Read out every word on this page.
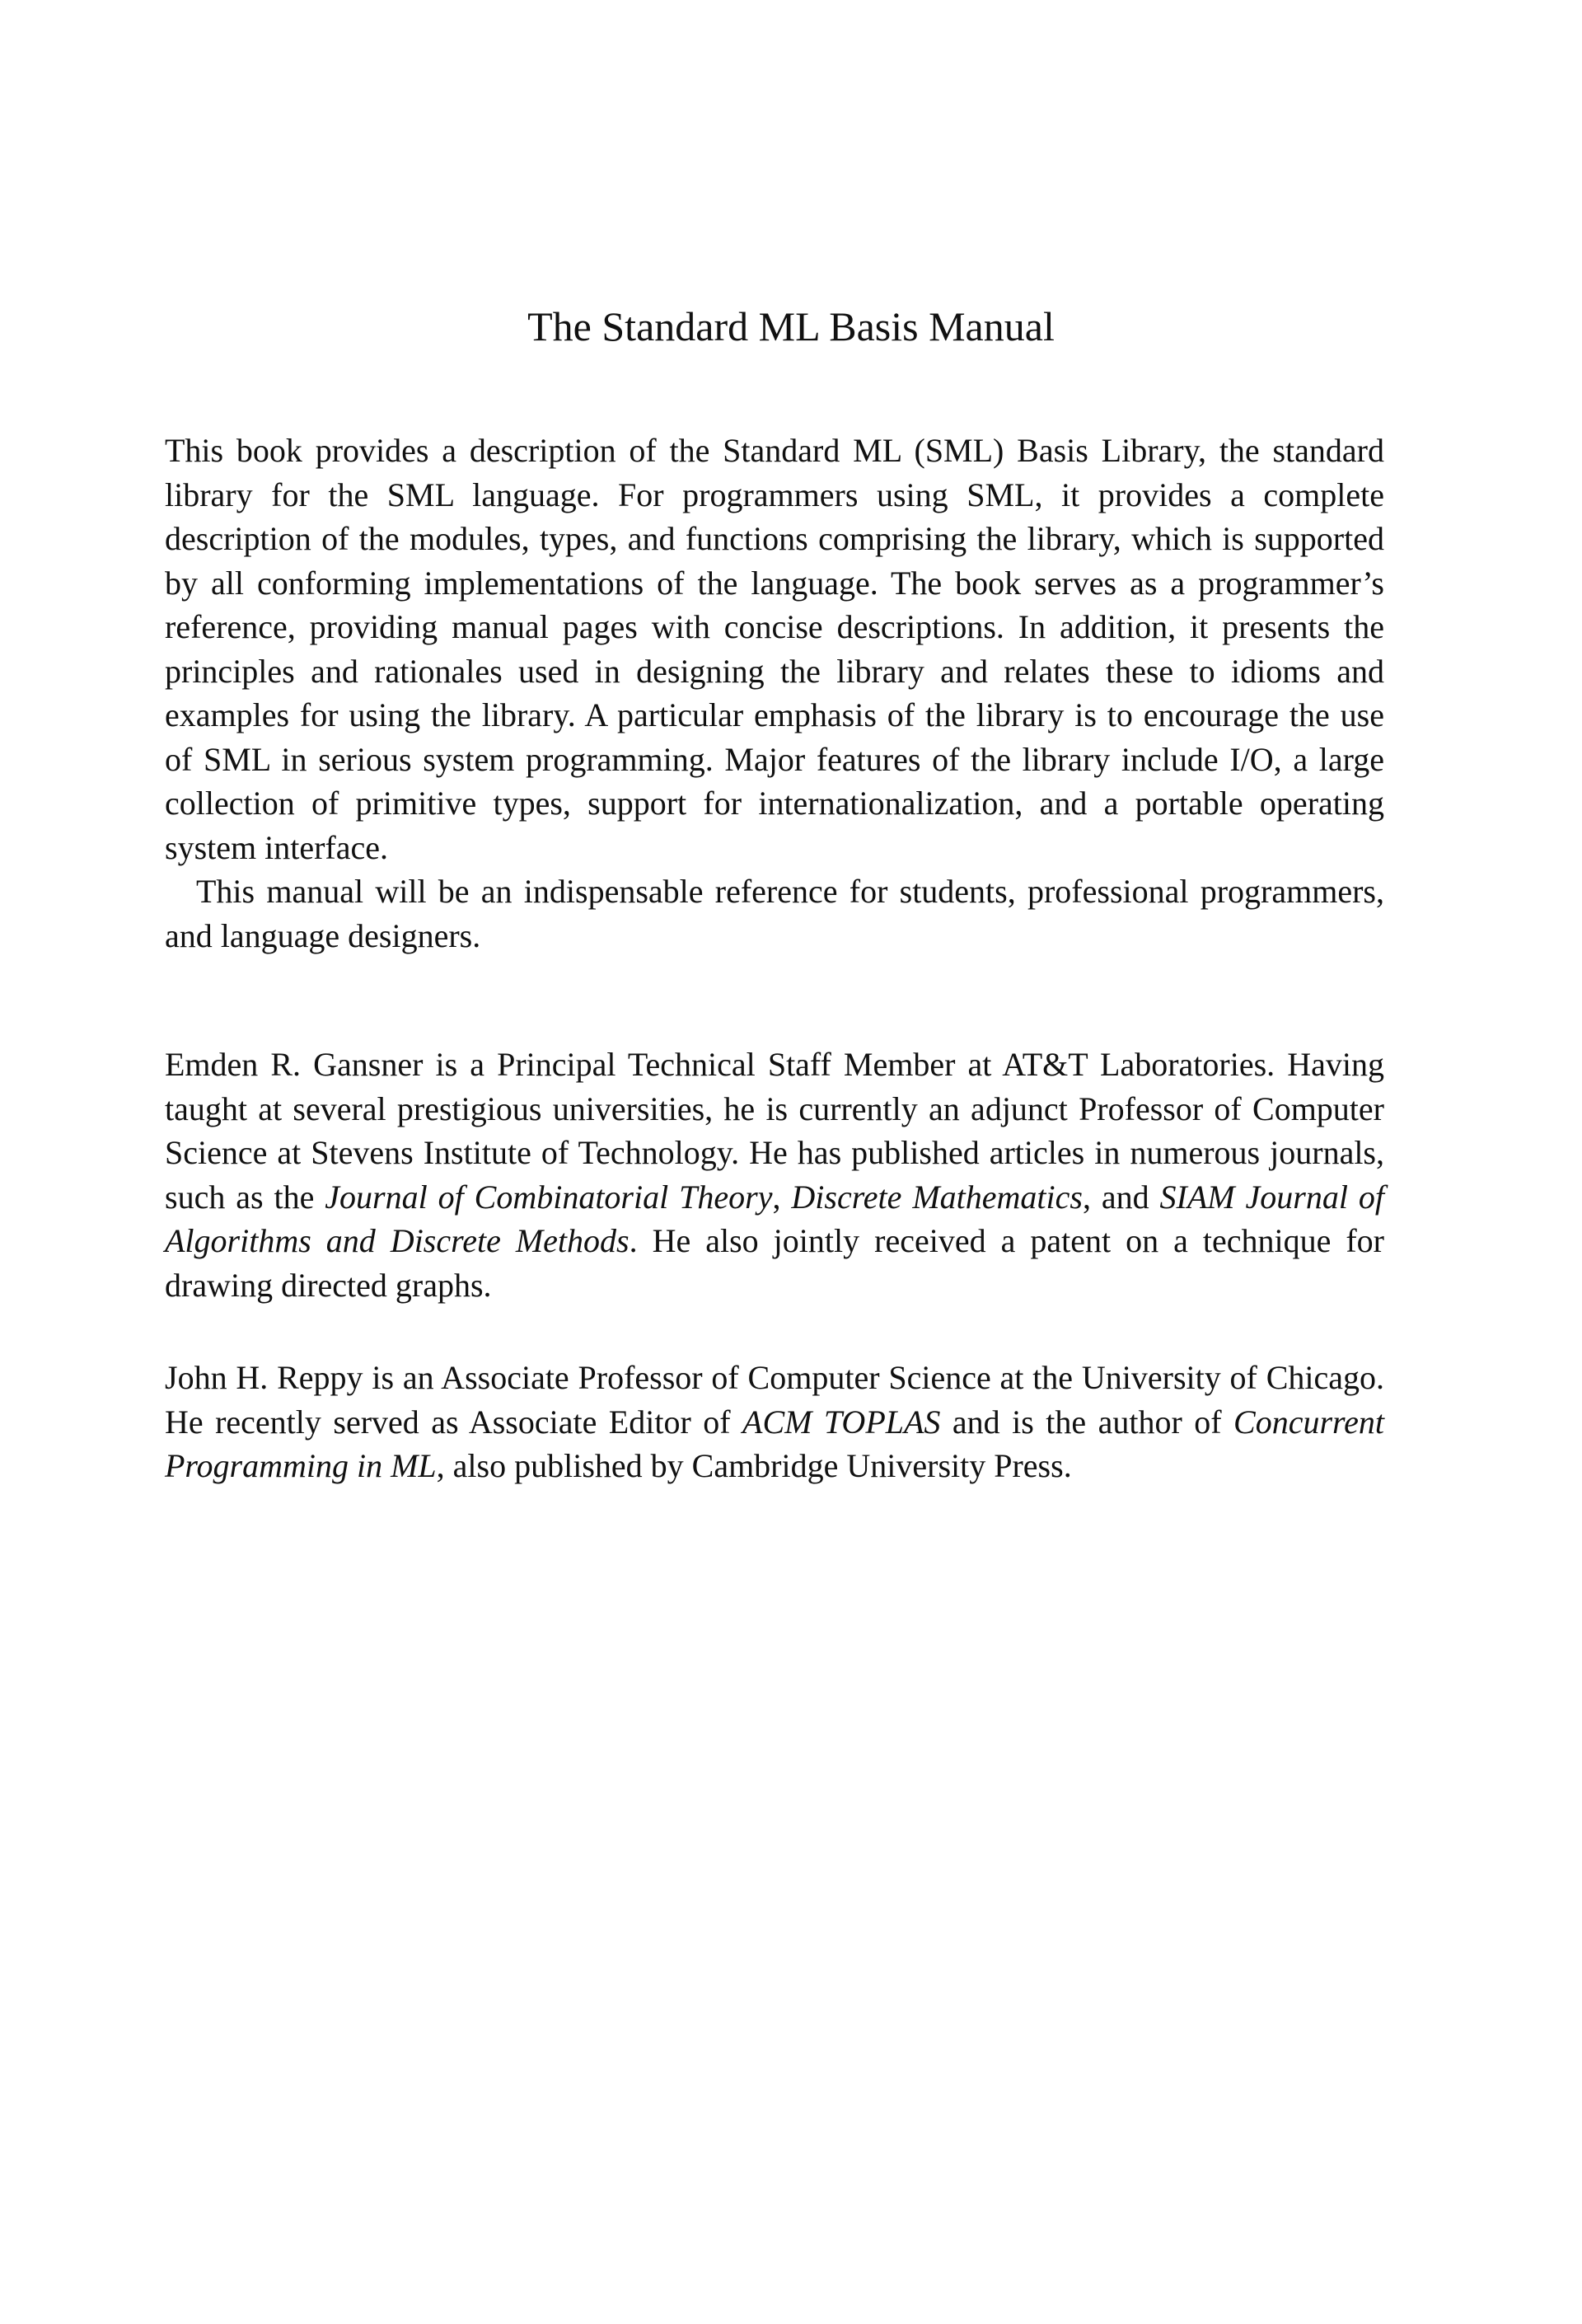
The Standard ML Basis Manual

This book provides a description of the Standard ML (SML) Basis Library, the standard library for the SML language. For programmers using SML, it provides a complete description of the modules, types, and functions comprising the library, which is supported by all conforming implementations of the language. The book serves as a programmer’s reference, providing manual pages with concise descriptions. In addition, it presents the principles and rationales used in designing the library and relates these to idioms and examples for using the library. A particular emphasis of the library is to encourage the use of SML in serious system programming. Major features of the library include I/O, a large collection of primitive types, support for internationalization, and a portable operating system interface.

This manual will be an indispensable reference for students, professional programmers, and language designers.

Emden R. Gansner is a Principal Technical Staff Member at AT&T Laboratories. Having taught at several prestigious universities, he is currently an adjunct Professor of Computer Science at Stevens Institute of Technology. He has published articles in numerous journals, such as the Journal of Combinatorial Theory, Discrete Mathematics, and SIAM Journal of Algorithms and Discrete Methods. He also jointly received a patent on a technique for drawing directed graphs.

John H. Reppy is an Associate Professor of Computer Science at the University of Chicago. He recently served as Associate Editor of ACM TOPLAS and is the author of Concurrent Programming in ML, also published by Cambridge University Press.
